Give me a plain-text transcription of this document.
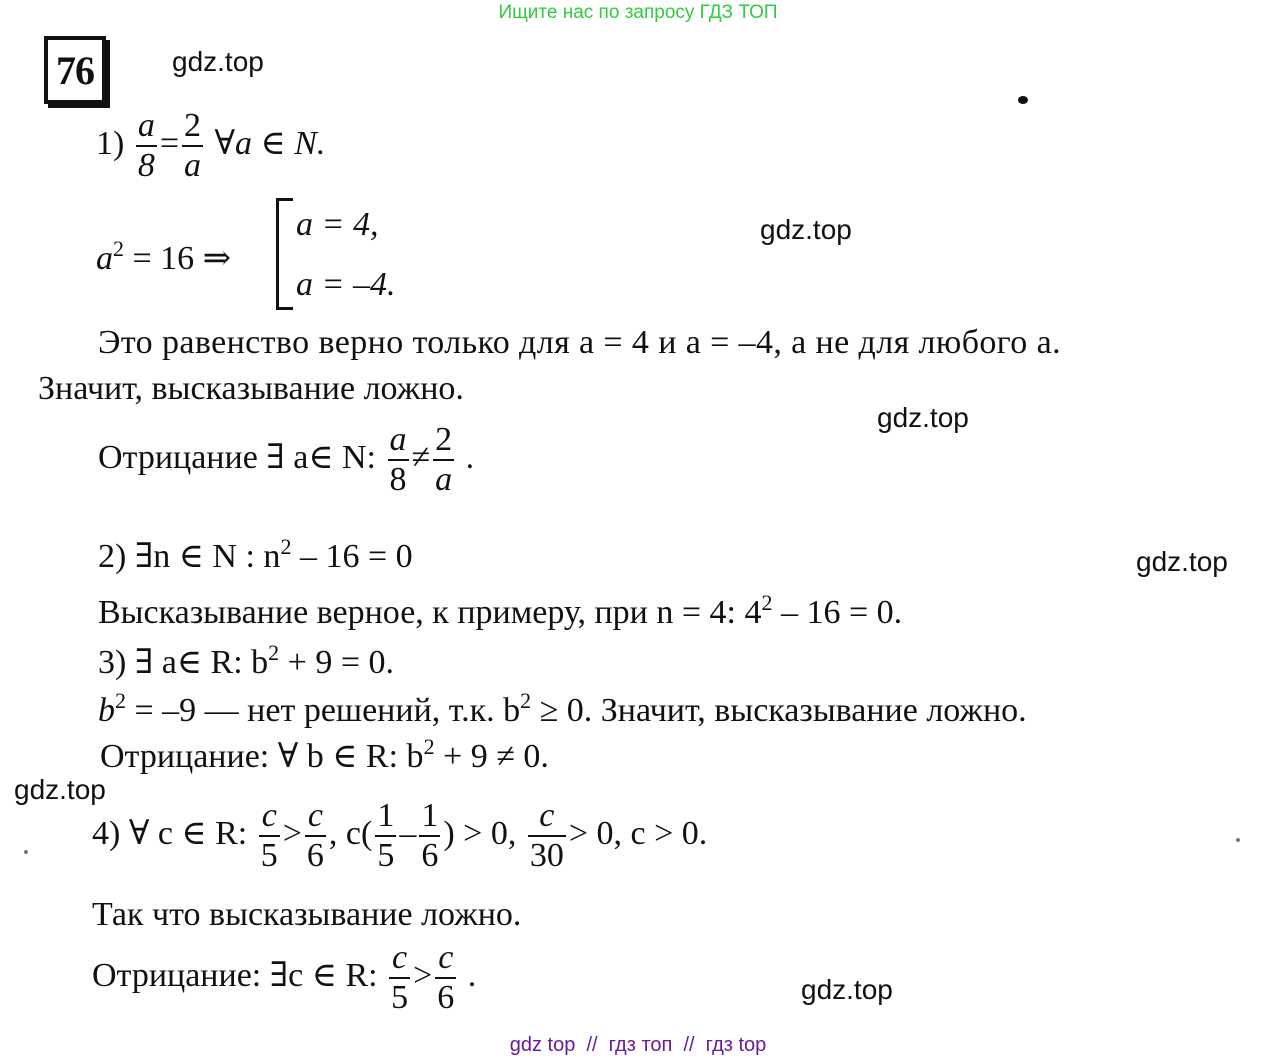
Ищите нас по запросу ГДЗ ТОП
76	gdz.top
gdz.top
gdz.top
gdz.top
gdz.top
gdz.top
$1) \frac{a}{8} = \frac{2}{a}$ ∀a ∈ N.
$a^2 = 16$ ⇒
a = 4,
a = –4.
Это равенство верно только для a = 4 и a = –4, а не для любого a.
Значит, высказывание ложно.
Отрицание ∃ a∈ N: $\frac{a}{8} \ne \frac{2}{a}$ .
2) ∃n ∈ N : $n^2 - 16 = 0$
Высказывание верное, к примеру, при n = 4: $4^2 - 16 = 0$.
3) ∃ a∈ R: $b^2 + 9 = 0$.
$b^2 = -9$ — нет решений, т.к. $b^2 \ge 0$. Значит, высказывание ложно.
Отрицание: ∀ b ∈ R: $b^2 + 9 \ne 0$.
4) ∀ c ∈ R: $\frac{c}{5} > \frac{c}{6}$ , $c( \frac{1}{5} - \frac{1}{6}$ ) > 0, $\frac{c}{30} > 0$, c > 0.
Так что высказывание ложно.
Отрицание: ∃c ∈ R: $\frac{c}{5} > \frac{c}{6}$ .
gdz top  //  гдз топ  //  гдз top
